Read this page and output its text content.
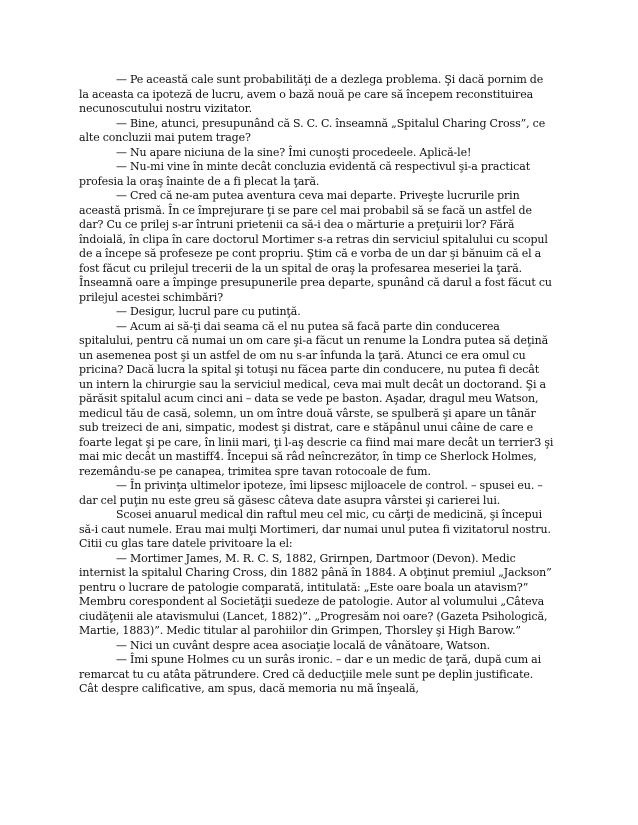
— Pe această cale sunt probabilităţi de a dezlega problema. Şi dacă pornim de la aceasta ca ipoteză de lucru, avem o bază nouă pe care să începem reconstituirea necunoscutului nostru vizitator.

— Bine, atunci, presupunând că S. C. C. înseamnă „Spitalul Charing Cross”, ce alte concluzii mai putem trage?

— Nu apare niciuna de la sine? Îmi cunoşti procedeele. Aplică-le!

— Nu-mi vine în minte decât concluzia evidentă că respectivul şi-a practicat profesia la oraş înainte de a fi plecat la ţară.

— Cred că ne-am putea aventura ceva mai departe. Priveşte lucrurile prin această prismă. În ce împrejurare ţi se pare cel mai probabil să se facă un astfel de dar? Cu ce prilej s-ar întruni prietenii ca să-i dea o mărturie a preţuirii lor? Fără îndoială, în clipa în care doctorul Mortimer s-a retras din serviciul spitalului cu scopul de a începe să profeseze pe cont propriu. Ştim că e vorba de un dar şi bănuim că el a fost făcut cu prilejul trecerii de la un spital de oraş la profesarea meseriei la ţară. Înseamnă oare a împinge presupunerile prea departe, spunând că darul a fost făcut cu prilejul acestei schimbări?

— Desigur, lucrul pare cu putinţă.

— Acum ai să-ţi dai seama că el nu putea să facă parte din conducerea spitalului, pentru că numai un om care şi-a făcut un renume la Londra putea să deţină un asemenea post şi un astfel de om nu s-ar înfunda la ţară. Atunci ce era omul cu pricina? Dacă lucra la spital şi totuşi nu făcea parte din conducere, nu putea fi decât un intern la chirurgie sau la serviciul medical, ceva mai mult decât un doctorand. Şi a părăsit spitalul acum cinci ani – data se vede pe baston. Aşadar, dragul meu Watson, medicul tău de casă, solemn, un om între două vârste, se spulberă şi apare un tânăr sub treizeci de ani, simpatic, modest şi distrat, care e stăpânul unui câine de care e foarte legat şi pe care, în linii mari, ţi l-aş descrie ca fiind mai mare decât un terrier3 şi mai mic decât un mastiff4. Începui să râd neîncrezător, în timp ce Sherlock Holmes, rezemându-se pe canapea, trimitea spre tavan rotocoale de fum.

— În privinţa ultimelor ipoteze, îmi lipsesc mijloacele de control. – spusei eu. – dar cel puţin nu este greu să găsesc câteva date asupra vârstei şi carierei lui.

Scosei anuarul medical din raftul meu cel mic, cu cărţi de medicină, şi începui să-i caut numele. Erau mai mulţi Mortimeri, dar numai unul putea fi vizitatorul nostru. Citii cu glas tare datele privitoare la el:

— Mortimer James, M. R. C. S, 1882, Grirnpen, Dartmoor (Devon). Medic internist la spitalul Charing Cross, din 1882 până în 1884. A obţinut premiul „Jackson” pentru o lucrare de patologie comparată, intitulată: „Este oare boala un atavism?” Membru corespondent al Societăţii suedeze de patologie. Autor al volumului „Câteva ciudăţenii ale atavismului (Lancet, 1882)”. „Progresăm noi oare? (Gazeta Psihologică, Martie, 1883)”. Medic titular al parohiilor din Grimpen, Thorsley şi High Barow.”

— Nici un cuvânt despre acea asociaţie locală de vânătoare, Watson.

— Îmi spune Holmes cu un surâs ironic. – dar e un medic de ţară, după cum ai remarcat tu cu atâta pătrundere. Cred că deducţiile mele sunt pe deplin justificate. Cât despre calificative, am spus, dacă memoria nu mă înşeală,
